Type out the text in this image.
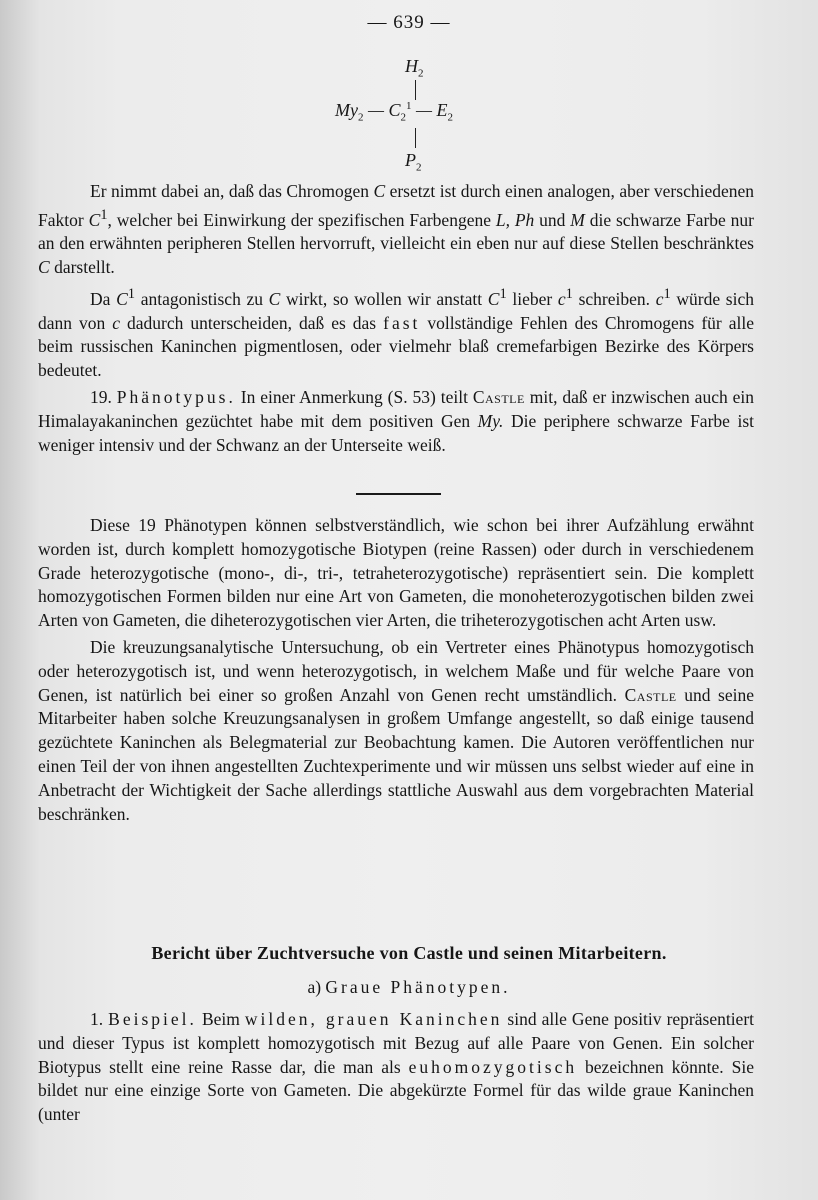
— 639 —
$H_2$
$My_2$ — $C_2^1$ — $E_2$
$P_2$

Er nimmt dabei an, daß das Chromogen C ersetzt ist durch einen analogen, aber verschiedenen Faktor $C^1$, welcher bei Einwirkung der spezifischen Farbengene L, Ph und M die schwarze Farbe nur an den erwähnten peripheren Stellen hervorruft, vielleicht ein eben nur auf diese Stellen beschränktes C darstellt.

Da $C^1$ antagonistisch zu C wirkt, so wollen wir anstatt $C^1$ lieber $c^1$ schreiben. $c^1$ würde sich dann von c dadurch unterscheiden, daß es das fast vollständige Fehlen des Chromogens für alle beim russischen Kaninchen pigmentlosen, oder vielmehr blaß cremefarbigen Bezirke des Körpers bedeutet.

19. Phänotypus. In einer Anmerkung (S. 53) teilt Castle mit, daß er inzwischen auch ein Himalayakaninchen gezüchtet habe mit dem positiven Gen My. Die periphere schwarze Farbe ist weniger intensiv und der Schwanz an der Unterseite weiß.

Diese 19 Phänotypen können selbstverständlich, wie schon bei ihrer Aufzählung erwähnt worden ist, durch komplett homozygotische Biotypen (reine Rassen) oder durch in verschiedenem Grade heterozygotische (mono-, di-, tri-, tetraheterozygotische) repräsentiert sein. Die komplett homozygotischen Formen bilden nur eine Art von Gameten, die monoheterozygotischen bilden zwei Arten von Gameten, die diheterozygotischen vier Arten, die triheterozygotischen acht Arten usw.

Die kreuzungsanalytische Untersuchung, ob ein Vertreter eines Phänotypus homozygotisch oder heterozygotisch ist, und wenn heterozygotisch, in welchem Maße und für welche Paare von Genen, ist natürlich bei einer so großen Anzahl von Genen recht umständlich. Castle und seine Mitarbeiter haben solche Kreuzungsanalysen in großem Umfange angestellt, so daß einige tausend gezüchtete Kaninchen als Belegmaterial zur Beobachtung kamen. Die Autoren veröffentlichen nur einen Teil der von ihnen angestellten Zuchtexperimente und wir müssen uns selbst wieder auf eine in Anbetracht der Wichtigkeit der Sache allerdings stattliche Auswahl aus dem vorgebrachten Material beschränken.

Bericht über Zuchtversuche von Castle und seinen Mitarbeitern.
a) Graue Phänotypen.

1. Beispiel. Beim wilden, grauen Kaninchen sind alle Gene positiv repräsentiert und dieser Typus ist komplett homozygotisch mit Bezug auf alle Paare von Genen. Ein solcher Biotypus stellt eine reine Rasse dar, die man als euhomozygotisch bezeichnen könnte. Sie bildet nur eine einzige Sorte von Gameten. Die abgekürzte Formel für das wilde graue Kaninchen (unter
